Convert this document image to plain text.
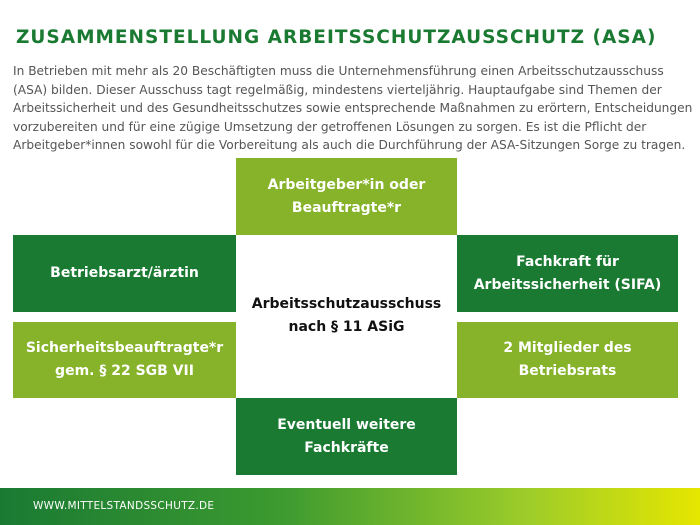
ZUSAMMENSTELLUNG ARBEITSSCHUTZAUSSCHUTZ (ASA)
In Betrieben mit mehr als 20 Beschäftigten muss die Unternehmensführung einen Arbeitsschutzausschuss
(ASA) bilden. Dieser Ausschuss tagt regelmäßig, mindestens vierteljährig. Hauptaufgabe sind Themen der
Arbeitssicherheit und des Gesundheitsschutzes sowie entsprechende Maßnahmen zu erörtern, Entscheidungen
vorzubereiten und für eine zügige Umsetzung der getroffenen Lösungen zu sorgen. Es ist die Pflicht der
Arbeitgeber*innen sowohl für die Vorbereitung als auch die Durchführung der ASA-Sitzungen Sorge zu tragen.
Arbeitgeber*in oder
Beauftragte*r
Betriebsarzt/ärztin
Sicherheitsbeauftragte*r
gem. § 22 SGB VII
Fachkraft für
Arbeitssicherheit (SIFA)
2 Mitglieder des
Betriebsrats
Eventuell weitere
Fachkräfte
Arbeitsschutzausschuss
nach § 11 ASiG
WWW.MITTELSTANDSSCHUTZ.DE
